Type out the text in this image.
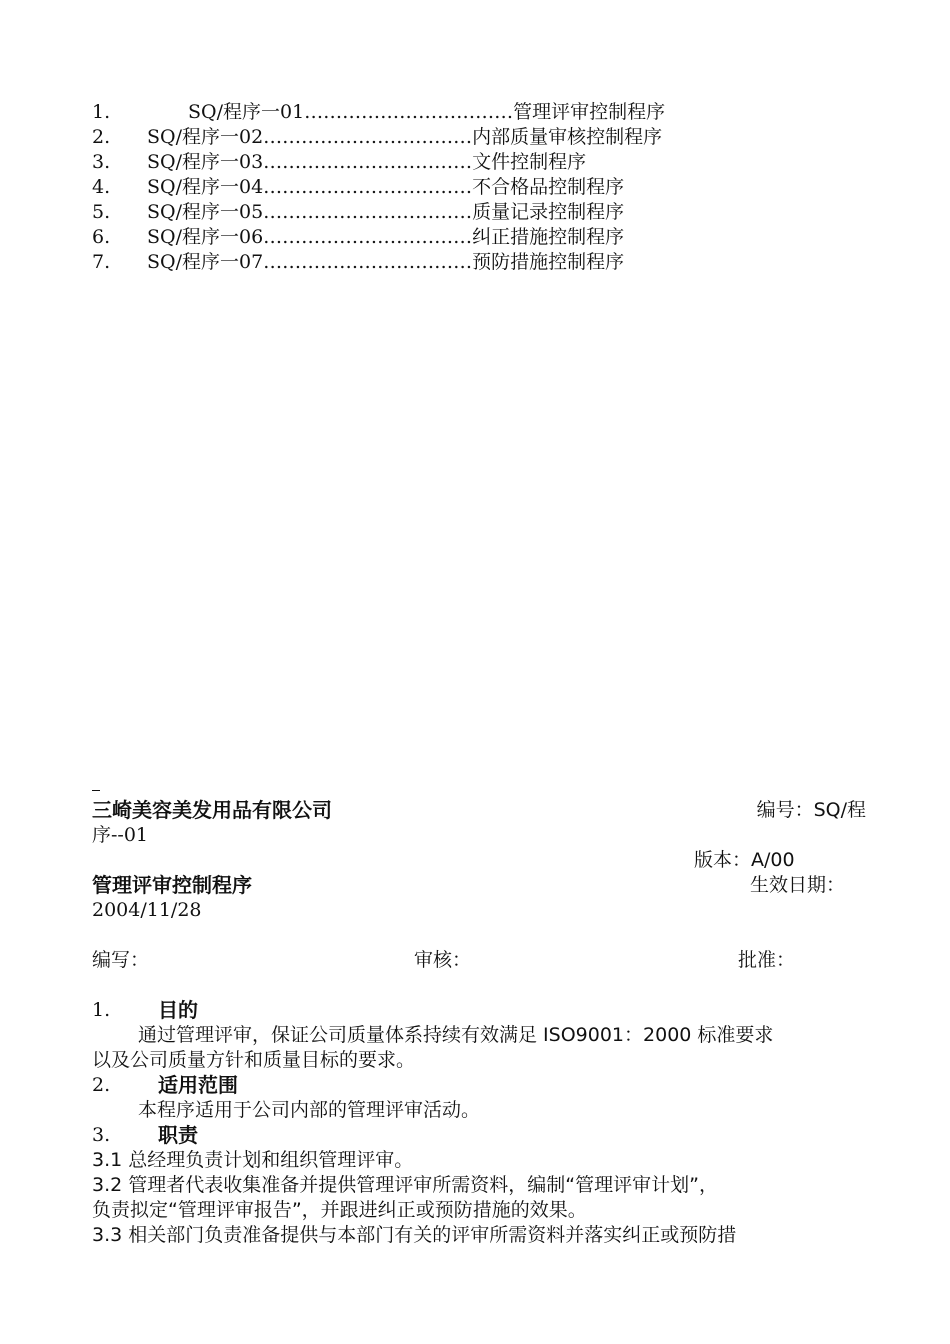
1.	SQ/程序一01……………………………管理评审控制程序
2. SQ/程序一02……………………………内部质量审核控制程序
3. SQ/程序一03……………………………文件控制程序
4. SQ/程序一04……………………………不合格品控制程序
5. SQ/程序一05……………………………质量记录控制程序
6. SQ/程序一06……………………………纠正措施控制程序
7. SQ/程序一07……………………………预防措施控制程序
三崎美容美发用品有限公司	编号：SQ/程
序--01
版本：A/00
管理评审控制程序	生效日期：
2004/11/28
编写：	审核：	批准：
1. 目的
通过管理评审，保证公司质量体系持续有效满足 ISO9001：2000 标准要求
以及公司质量方针和质量目标的要求。
2. 适用范围
本程序适用于公司内部的管理评审活动。
3. 职责
3.1 总经理负责计划和组织管理评审。
3.2 管理者代表收集准备并提供管理评审所需资料，编制“管理评审计划”，
负责拟定“管理评审报告”，并跟进纠正或预防措施的效果。
3.3 相关部门负责准备提供与本部门有关的评审所需资料并落实纠正或预防措
